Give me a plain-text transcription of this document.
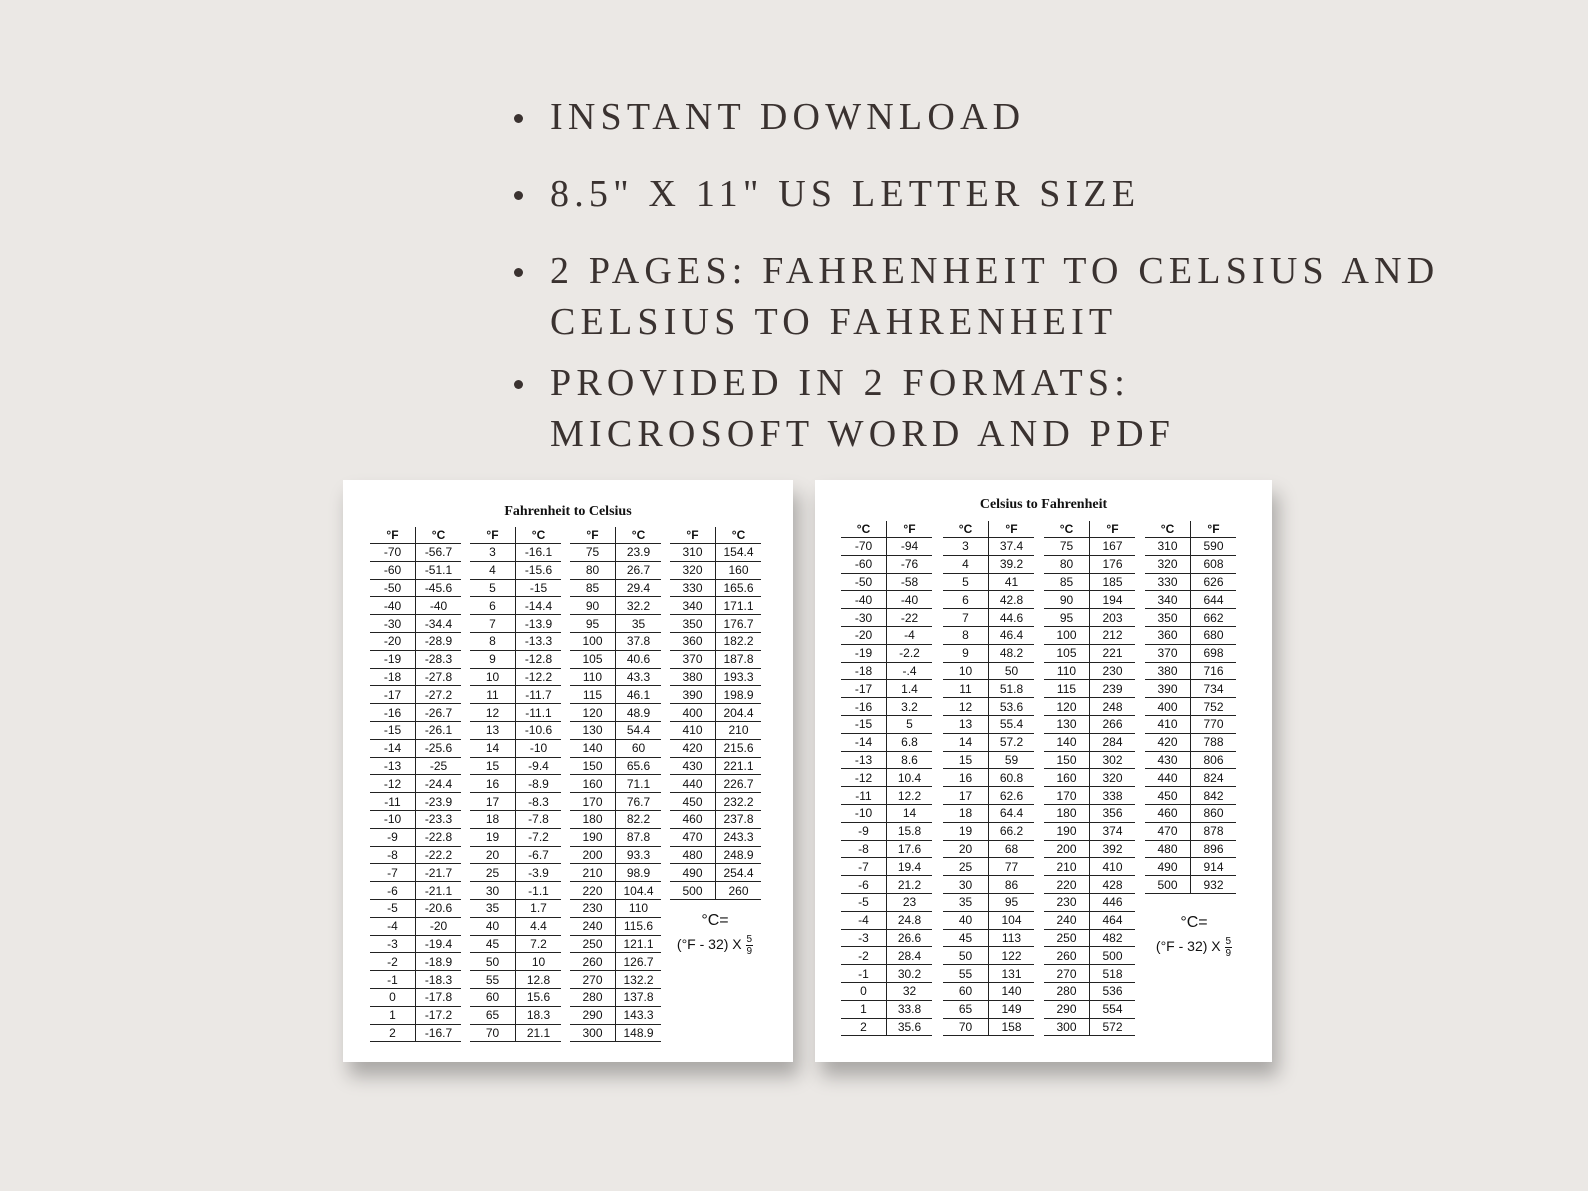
INSTANT DOWNLOAD
8.5" X 11" US LETTER SIZE
2 PAGES: FAHRENHEIT TO CELSIUS AND
CELSIUS TO FAHRENHEIT
PROVIDED IN 2 FORMATS:
MICROSOFT WORD AND PDF
Fahrenheit to Celsius
°C=
(°F - 32) X $\frac{5}{9}$
°F	°C
-70	-56.7
-60	-51.1
-50	-45.6
-40	-40
-30	-34.4
-20	-28.9
-19	-28.3
-18	-27.8
-17	-27.2
-16	-26.7
-15	-26.1
-14	-25.6
-13	-25
-12	-24.4
-11	-23.9
-10	-23.3
-9	-22.8
-8	-22.2
-7	-21.7
-6	-21.1
-5	-20.6
-4	-20
-3	-19.4
-2	-18.9
-1	-18.3
0	-17.8
1	-17.2
2	-16.7
°F	°C
3	-16.1
4	-15.6
5	-15
6	-14.4
7	-13.9
8	-13.3
9	-12.8
10	-12.2
11	-11.7
12	-11.1
13	-10.6
14	-10
15	-9.4
16	-8.9
17	-8.3
18	-7.8
19	-7.2
20	-6.7
25	-3.9
30	-1.1
35	1.7
40	4.4
45	7.2
50	10
55	12.8
60	15.6
65	18.3
70	21.1
°F	°C
75	23.9
80	26.7
85	29.4
90	32.2
95	35
100	37.8
105	40.6
110	43.3
115	46.1
120	48.9
130	54.4
140	60
150	65.6
160	71.1
170	76.7
180	82.2
190	87.8
200	93.3
210	98.9
220	104.4
230	110
240	115.6
250	121.1
260	126.7
270	132.2
280	137.8
290	143.3
300	148.9
°F	°C
310	154.4
320	160
330	165.6
340	171.1
350	176.7
360	182.2
370	187.8
380	193.3
390	198.9
400	204.4
410	210
420	215.6
430	221.1
440	226.7
450	232.2
460	237.8
470	243.3
480	248.9
490	254.4
500	260
Celsius to Fahrenheit
°C=
(°F - 32) X $\frac{5}{9}$
°C	°F
-70	-94
-60	-76
-50	-58
-40	-40
-30	-22
-20	-4
-19	-2.2
-18	-.4
-17	1.4
-16	3.2
-15	5
-14	6.8
-13	8.6
-12	10.4
-11	12.2
-10	14
-9	15.8
-8	17.6
-7	19.4
-6	21.2
-5	23
-4	24.8
-3	26.6
-2	28.4
-1	30.2
0	32
1	33.8
2	35.6
°C	°F
3	37.4
4	39.2
5	41
6	42.8
7	44.6
8	46.4
9	48.2
10	50
11	51.8
12	53.6
13	55.4
14	57.2
15	59
16	60.8
17	62.6
18	64.4
19	66.2
20	68
25	77
30	86
35	95
40	104
45	113
50	122
55	131
60	140
65	149
70	158
°C	°F
75	167
80	176
85	185
90	194
95	203
100	212
105	221
110	230
115	239
120	248
130	266
140	284
150	302
160	320
170	338
180	356
190	374
200	392
210	410
220	428
230	446
240	464
250	482
260	500
270	518
280	536
290	554
300	572
°C	°F
310	590
320	608
330	626
340	644
350	662
360	680
370	698
380	716
390	734
400	752
410	770
420	788
430	806
440	824
450	842
460	860
470	878
480	896
490	914
500	932
